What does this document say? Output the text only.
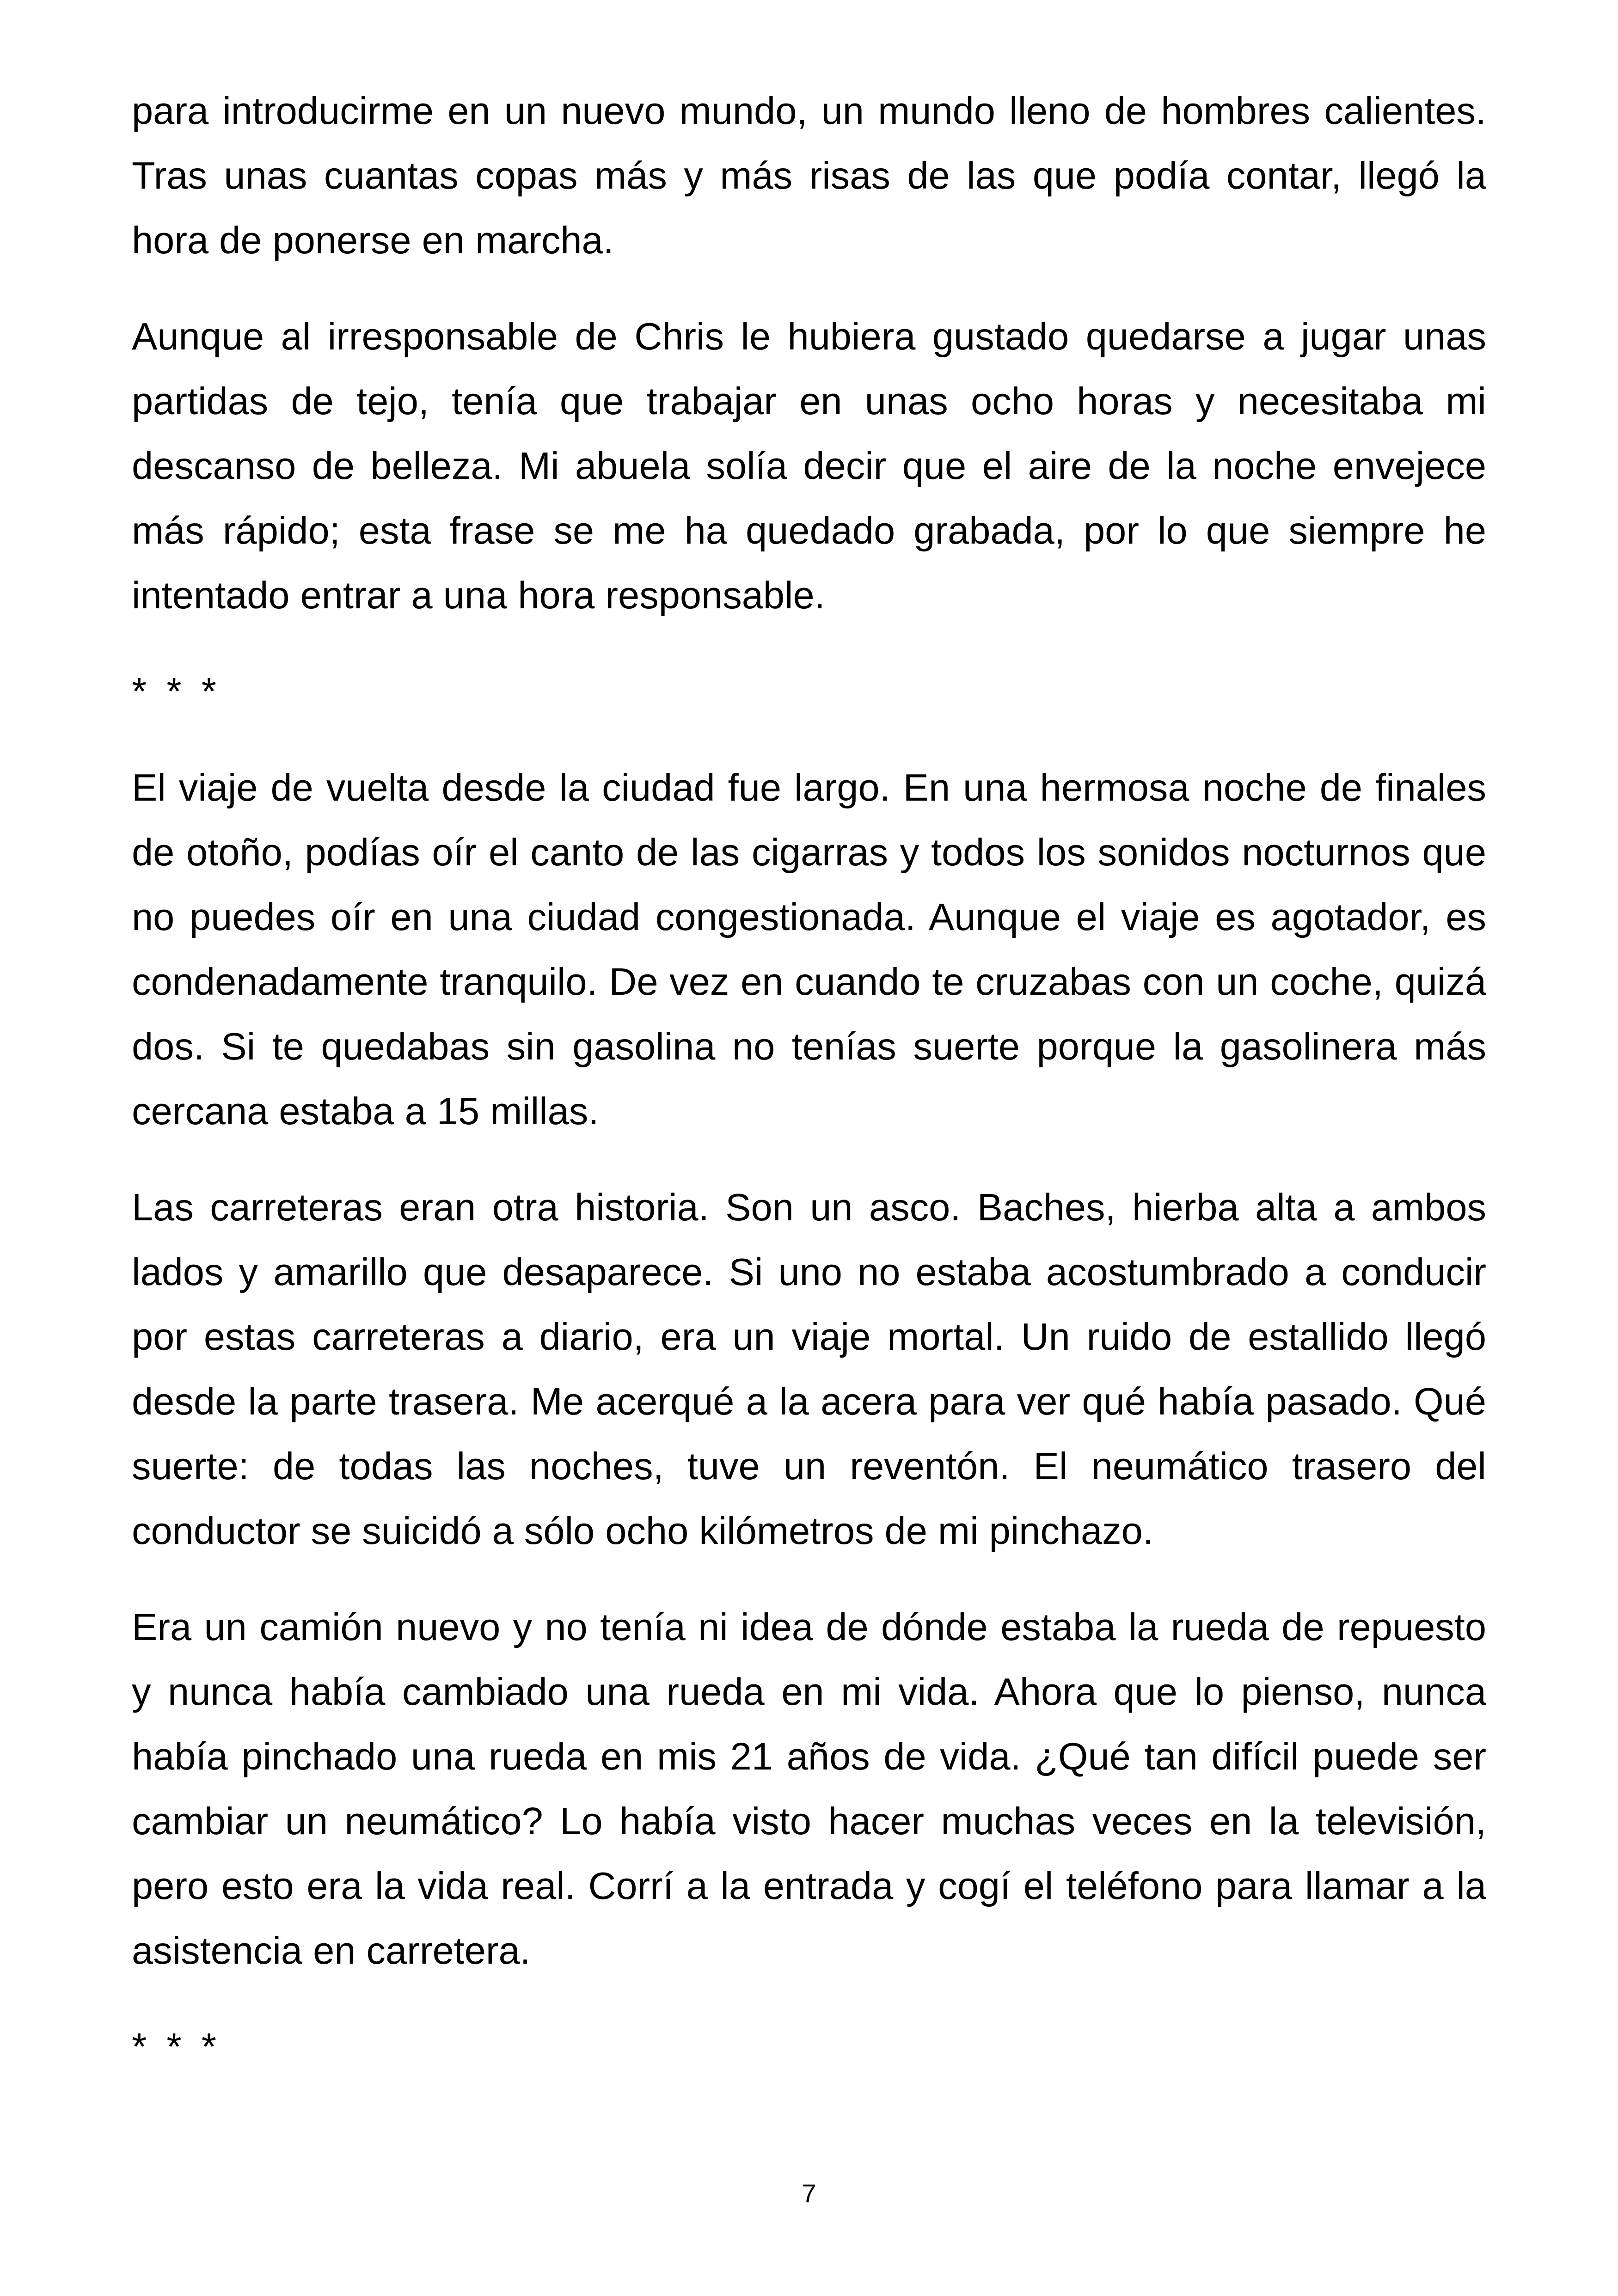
para introducirme en un nuevo mundo, un mundo lleno de hombres calientes. Tras unas cuantas copas más y más risas de las que podía contar, llegó la hora de ponerse en marcha.

Aunque al irresponsable de Chris le hubiera gustado quedarse a jugar unas partidas de tejo, tenía que trabajar en unas ocho horas y necesitaba mi descanso de belleza. Mi abuela solía decir que el aire de la noche envejece más rápido; esta frase se me ha quedado grabada, por lo que siempre he intentado entrar a una hora responsable.

* * *

El viaje de vuelta desde la ciudad fue largo. En una hermosa noche de finales de otoño, podías oír el canto de las cigarras y todos los sonidos nocturnos que no puedes oír en una ciudad congestionada. Aunque el viaje es agotador, es condenadamente tranquilo. De vez en cuando te cruzabas con un coche, quizá dos. Si te quedabas sin gasolina no tenías suerte porque la gasolinera más cercana estaba a 15 millas.

Las carreteras eran otra historia. Son un asco. Baches, hierba alta a ambos lados y amarillo que desaparece. Si uno no estaba acostumbrado a conducir por estas carreteras a diario, era un viaje mortal. Un ruido de estallido llegó desde la parte trasera. Me acerqué a la acera para ver qué había pasado. Qué suerte: de todas las noches, tuve un reventón. El neumático trasero del conductor se suicidó a sólo ocho kilómetros de mi pinchazo.

Era un camión nuevo y no tenía ni idea de dónde estaba la rueda de repuesto y nunca había cambiado una rueda en mi vida. Ahora que lo pienso, nunca había pinchado una rueda en mis 21 años de vida. ¿Qué tan difícil puede ser cambiar un neumático? Lo había visto hacer muchas veces en la televisión, pero esto era la vida real. Corrí a la entrada y cogí el teléfono para llamar a la asistencia en carretera.

* * *

7
